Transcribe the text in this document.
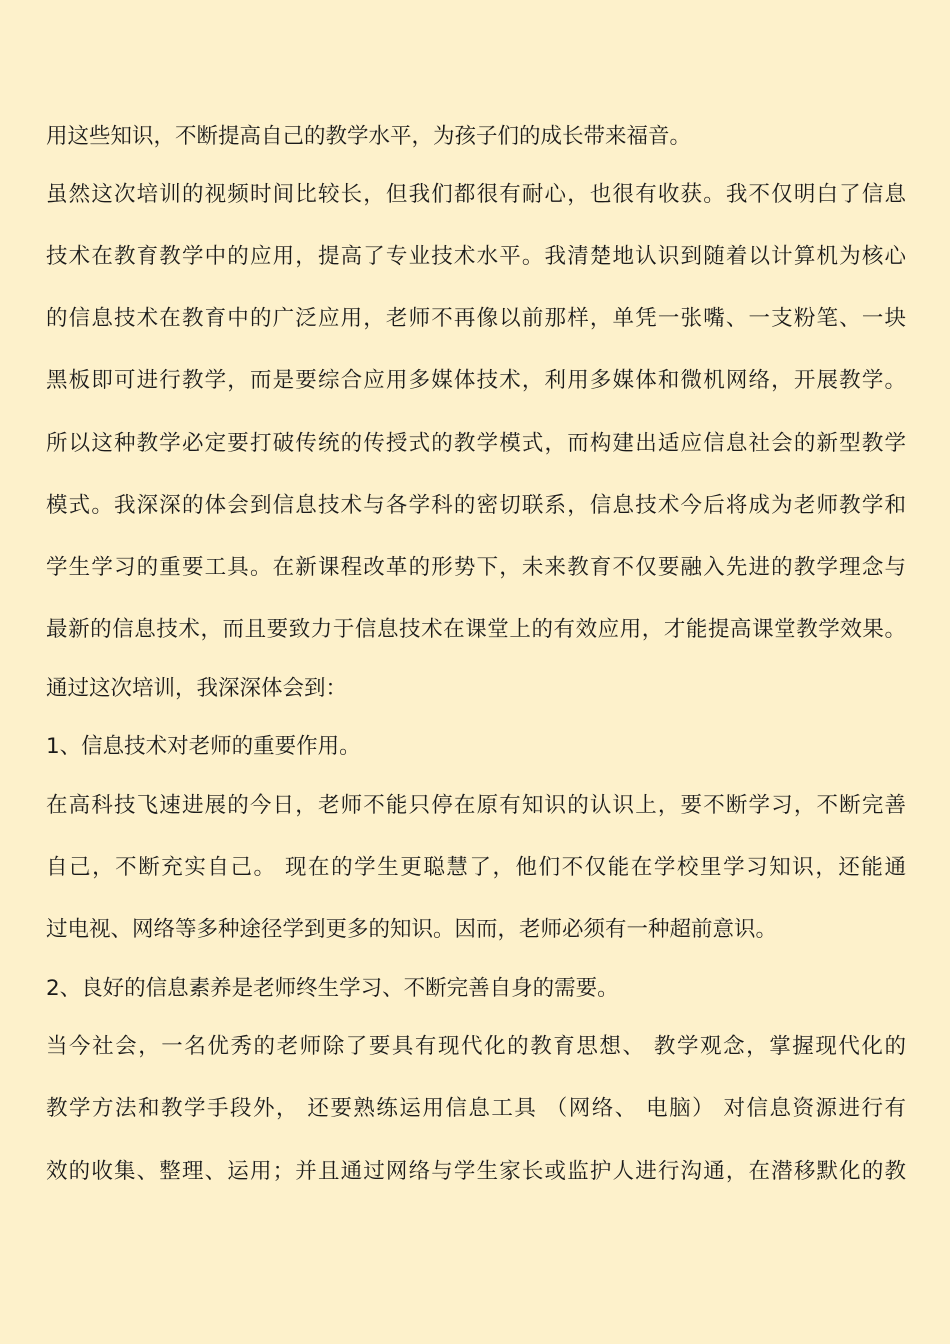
用这些知识，不断提高自己的教学水平，为孩子们的成长带来福音。
虽然这次培训的视频时间比较长，但我们都很有耐心，也很有收获。我不仅明白了信息
技术在教育教学中的应用，提高了专业技术水平。我清楚地认识到随着以计算机为核心
的信息技术在教育中的广泛应用，老师不再像以前那样，单凭一张嘴、一支粉笔、一块
黑板即可进行教学，而是要综合应用多媒体技术，利用多媒体和微机网络，开展教学。
所以这种教学必定要打破传统的传授式的教学模式，而构建出适应信息社会的新型教学
模式。我深深的体会到信息技术与各学科的密切联系，信息技术今后将成为老师教学和
学生学习的重要工具。在新课程改革的形势下，未来教育不仅要融入先进的教学理念与
最新的信息技术，而且要致力于信息技术在课堂上的有效应用，才能提高课堂教学效果。
通过这次培训，我深深体会到：
1、信息技术对老师的重要作用。
在高科技飞速进展的今日，老师不能只停在原有知识的认识上，要不断学习，不断完善
自己，不断充实自己。 现在的学生更聪慧了，他们不仅能在学校里学习知识，还能通
过电视、网络等多种途径学到更多的知识。因而，老师必须有一种超前意识。
2、良好的信息素养是老师终生学习、不断完善自身的需要。
当今社会，一名优秀的老师除了要具有现代化的教育思想、 教学观念，掌握现代化的
教学方法和教学手段外， 还要熟练运用信息工具 （网络、 电脑） 对信息资源进行有
效的收集、整理、运用；并且通过网络与学生家长或监护人进行沟通，在潜移默化的教
